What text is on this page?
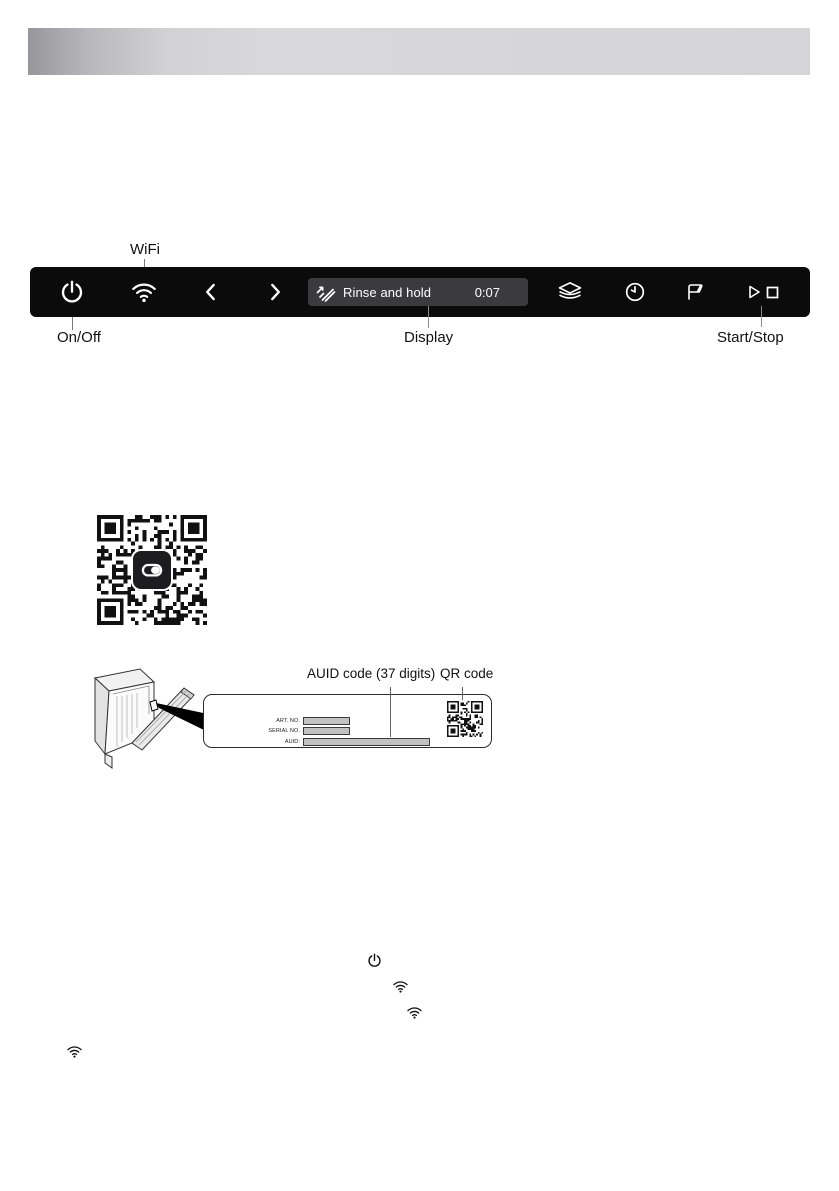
WiFi
Rinse and hold	0:07
On/Off	Display	Start/Stop
AUID code (37 digits) QR code
ART. NO.
SERIAL NO.
AUID:
